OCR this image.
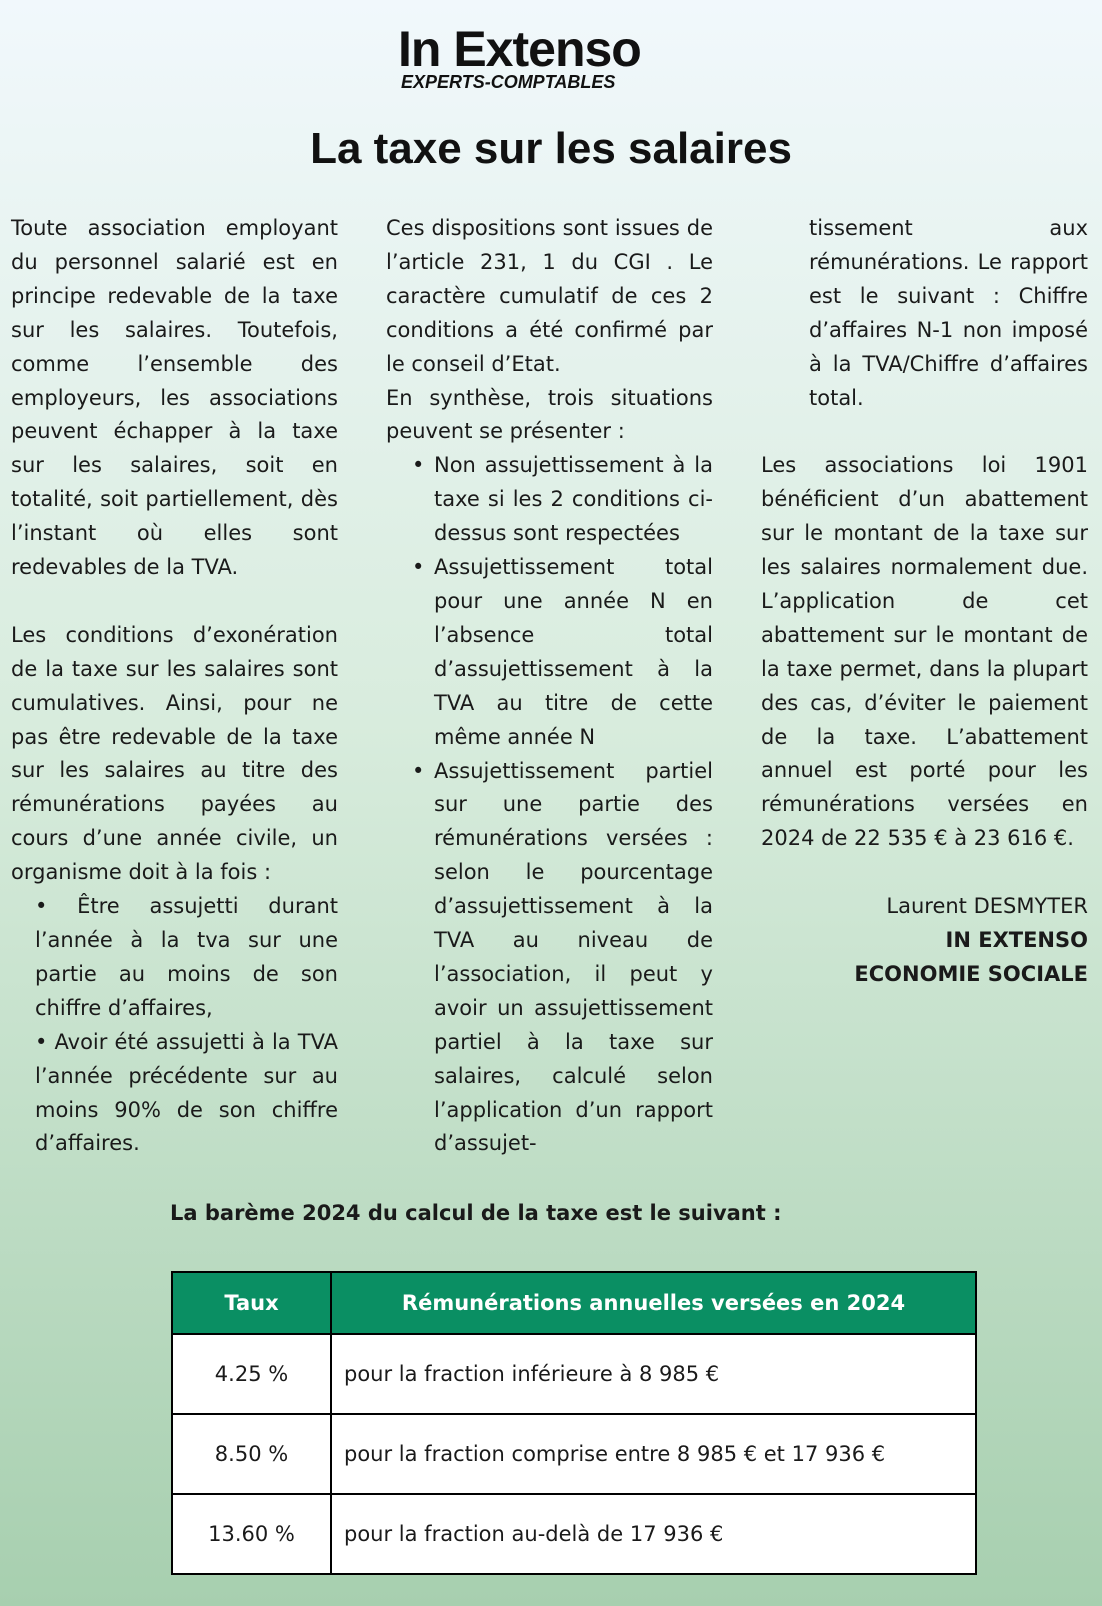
In Extenso
EXPERTS-COMPTABLES
La taxe sur les salaires

Toute association employant du personnel salarié est en principe redevable de la taxe sur les salaires. Toutefois, comme l’ensemble des employeurs, les associations peuvent échapper à la taxe sur les salaires, soit en totalité, soit partiellement, dès l’instant où elles sont redevables de la TVA.

Les conditions d’exonération de la taxe sur les salaires sont cumulatives. Ainsi, pour ne pas être redevable de la taxe sur les salaires au titre des rémunérations payées au cours d’une année civile, un organisme doit à la fois :

• Être assujetti durant l’année à la tva sur une partie au moins de son chiffre d’affaires,
• Avoir été assujetti à la TVA l’année précédente sur au moins 90% de son chiffre d’affaires.

Ces dispositions sont issues de l’article 231, 1 du CGI . Le caractère cumulatif de ces 2 conditions a été confirmé par le conseil d’Etat.

En synthèse, trois situations peuvent se présenter :

• Non assujettissement à la taxe si les 2 conditions ci-dessus sont respectées
• Assujettissement total pour une année N en l’absence total d’assujettissement à la TVA au titre de cette même année N
• Assujettissement partiel sur une partie des rémunérations versées : selon le pourcentage d’assujettissement à la TVA au niveau de l’association, il peut y avoir un assujettissement partiel à la taxe sur salaires, calculé selon l’application d’un rapport d’assujet-

tissement aux rémunérations. Le rapport est le suivant : Chiffre d’affaires N-1 non imposé à la TVA/Chiffre d’affaires total.

Les associations loi 1901 bénéficient d’un abattement sur le montant de la taxe sur les salaires normalement due. L’application de cet abattement sur le montant de la taxe permet, dans la plupart des cas, d’éviter le paiement de la taxe. L’abattement annuel est porté pour les rémunérations versées en 2024 de 22 535 € à 23 616 €.

Laurent DESMYTER
IN EXTENSO
ECONOMIE SOCIALE
La barème 2024 du calcul de la taxe est le suivant :
Taux	Rémunérations annuelles versées en 2024
4.25 %	pour la fraction inférieure à 8 985 €
8.50 %	pour la fraction comprise entre 8 985 € et 17 936 €
13.60 %	pour la fraction au-delà de 17 936 €
